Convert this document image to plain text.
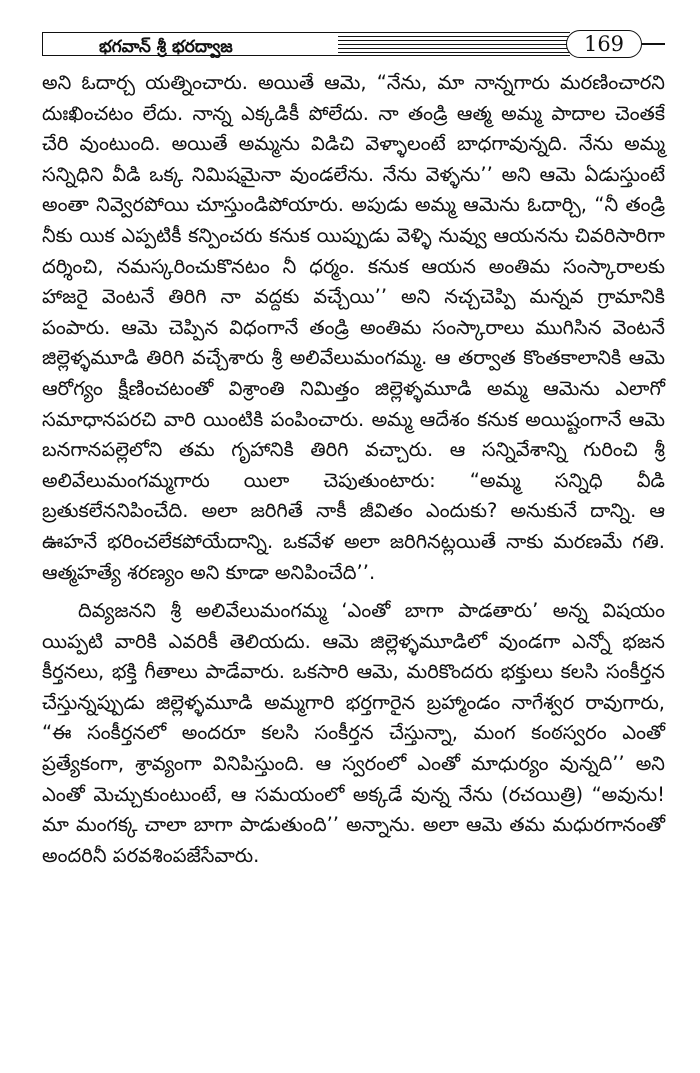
భగవాన్ శ్రీ భరద్వాజ	169

అని ఓదార్చ యత్నించారు. అయితే ఆమె, “నేను, మా నాన్నగారు మరణించారని దుఃఖించటం లేదు. నాన్న ఎక్కడికీ పోలేదు. నా తండ్రి ఆత్మ అమ్మ పాదాల చెంతకే చేరి వుంటుంది. అయితే అమ్మను విడిచి వెళ్ళాలంటే బాధగావున్నది. నేను అమ్మ సన్నిధిని వీడి ఒక్క నిమిషమైనా వుండలేను. నేను వెళ్ళను’’ అని ఆమె ఏడుస్తుంటే అంతా నివ్వెరపోయి చూస్తుండిపోయారు. అపుడు అమ్మ ఆమెను ఓదార్చి, “నీ తండ్రి నీకు యిక ఎప్పటికీ కన్పించరు కనుక యిప్పుడు వెళ్ళి నువ్వు ఆయనను చివరిసారిగా దర్శించి, నమస్కరించుకొనటం నీ ధర్మం. కనుక ఆయన అంతిమ సంస్కారాలకు హాజరై వెంటనే తిరిగి నా వద్దకు వచ్చేయి’’ అని నచ్చచెప్పి మన్నవ గ్రామానికి పంపారు. ఆమె చెప్పిన విధంగానే తండ్రి అంతిమ సంస్కారాలు ముగిసిన వెంటనే జిల్లెళ్ళమూడి తిరిగి వచ్చేశారు శ్రీ అలివేలుమంగమ్మ. ఆ తర్వాత కొంతకాలానికి ఆమె ఆరోగ్యం క్షీణించటంతో విశ్రాంతి నిమిత్తం జిల్లెళ్ళమూడి అమ్మ ఆమెను ఎలాగో సమాధానపరచి వారి యింటికి పంపించారు. అమ్మ ఆదేశం కనుక అయిష్టంగానే ఆమె బనగానపల్లెలోని తమ గృహానికి తిరిగి వచ్చారు. ఆ సన్నివేశాన్ని గురించి శ్రీ అలివేలుమంగమ్మగారు యిలా చెపుతుంటారు: “అమ్మ సన్నిధి వీడి బ్రతుకలేననిపించేది. అలా జరిగితే నాకీ జీవితం ఎందుకు? అనుకునే దాన్ని. ఆ ఊహనే భరించలేకపోయేదాన్ని. ఒకవేళ అలా జరిగినట్లయితే నాకు మరణమే గతి. ఆత్మహత్యే శరణ్యం అని కూడా అనిపించేది’’.

దివ్యజనని శ్రీ అలివేలుమంగమ్మ ‘ఎంతో బాగా పాడతారు’ అన్న విషయం యిప్పటి వారికి ఎవరికీ తెలియదు. ఆమె జిల్లెళ్ళమూడిలో వుండగా ఎన్నో భజన కీర్తనలు, భక్తి గీతాలు పాడేవారు. ఒకసారి ఆమె, మరికొందరు భక్తులు కలసి సంకీర్తన చేస్తున్నప్పుడు జిల్లెళ్ళమూడి అమ్మగారి భర్తగారైన బ్రహ్మాండం నాగేశ్వర రావుగారు, “ఈ సంకీర్తనలో అందరూ కలసి సంకీర్తన చేస్తున్నా, మంగ కంఠస్వరం ఎంతో ప్రత్యేకంగా, శ్రావ్యంగా వినిపిస్తుంది. ఆ స్వరంలో ఎంతో మాధుర్యం వున్నది’’ అని ఎంతో మెచ్చుకుంటుంటే, ఆ సమయంలో అక్కడే వున్న నేను (రచయిత్రి) “అవును! మా మంగక్క చాలా బాగా పాడుతుంది’’ అన్నాను. అలా ఆమె తమ మధురగానంతో అందరినీ పరవశింపజేసేవారు.
